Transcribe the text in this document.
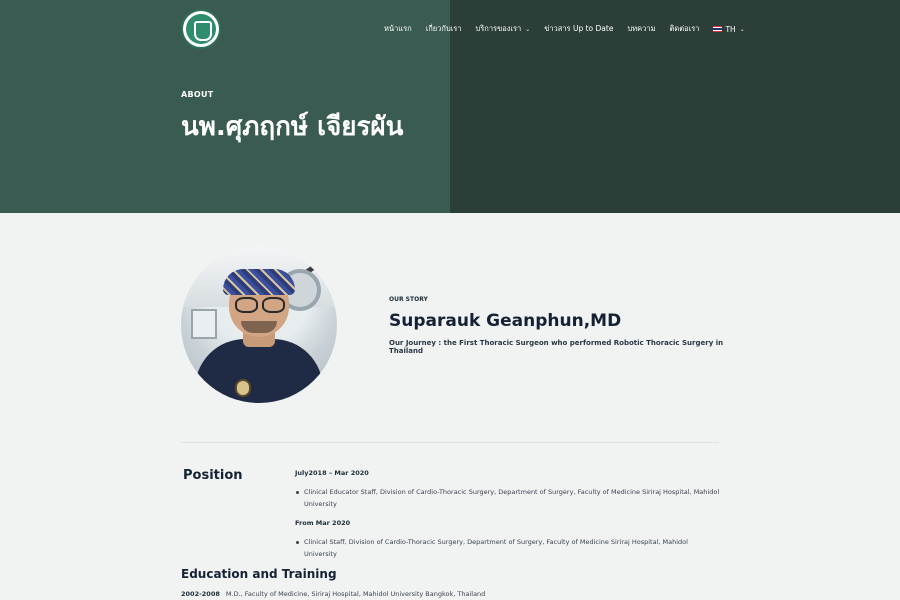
หน้าแรก เกี่ยวกับเรา บริการของเรา ⌄ ข่าวสาร Up to Date บทความ ติดต่อเรา	TH ⌄
ABOUT
นพ.ศุภฤกษ์ เจียรผัน
OUR STORY
Suparauk Geanphun,MD
Our Journey : the First Thoracic Surgeon who performed Robotic Thoracic Surgery in Thailand
Position	July2018 – Mar 2020
Clinical Educator Staff, Division of Cardio-Thoracic Surgery, Department of Surgery, Faculty of Medicine Siriraj Hospital, Mahidol University
From Mar 2020
Clinical Staff, Division of Cardio-Thoracic Surgery, Department of Surgery, Faculty of Medicine Siriraj Hospital, Mahidol University
Education and Training
2002-2008 M.D., Faculty of Medicine, Siriraj Hospital, Mahidol University Bangkok, Thailand
